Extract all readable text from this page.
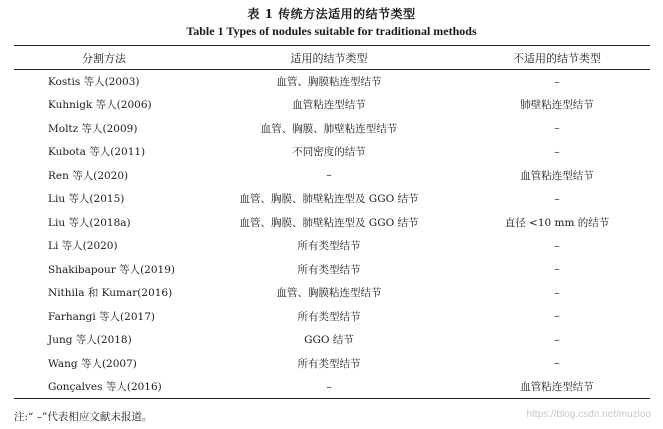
表 1 传统方法适用的结节类型
Table 1 Types of nodules suitable for traditional methods
分割方法	适用的结节类型	不适用的结节类型
Kostis 等人(2003)	血管、胸膜粘连型结节	–
Kuhnigk 等人(2006)	血管粘连型结节	肺壁粘连型结节
Moltz 等人(2009)	血管、胸膜、肺壁粘连型结节	–
Kubota 等人(2011)	不同密度的结节	–
Ren 等人(2020)	–	血管粘连型结节
Liu 等人(2015)	血管、胸膜、肺壁粘连型及 GGO 结节	–
Liu 等人(2018a)	血管、胸膜、肺壁粘连型及 GGO 结节	直径 <10 mm 的结节
Li 等人(2020)	所有类型结节	–
Shakibapour 等人(2019)	所有类型结节	–
Nithila 和 Kumar(2016)	血管、胸膜粘连型结节	–
Farhangi 等人(2017)	所有类型结节	–
Jung 等人(2018)	GGO 结节	–
Wang 等人(2007)	所有类型结节	–
Gonçalves 等人(2016)	–	血管粘连型结节
注:“ –”代表相应文献未报道。	https://blog.csdn.net/muzioo
